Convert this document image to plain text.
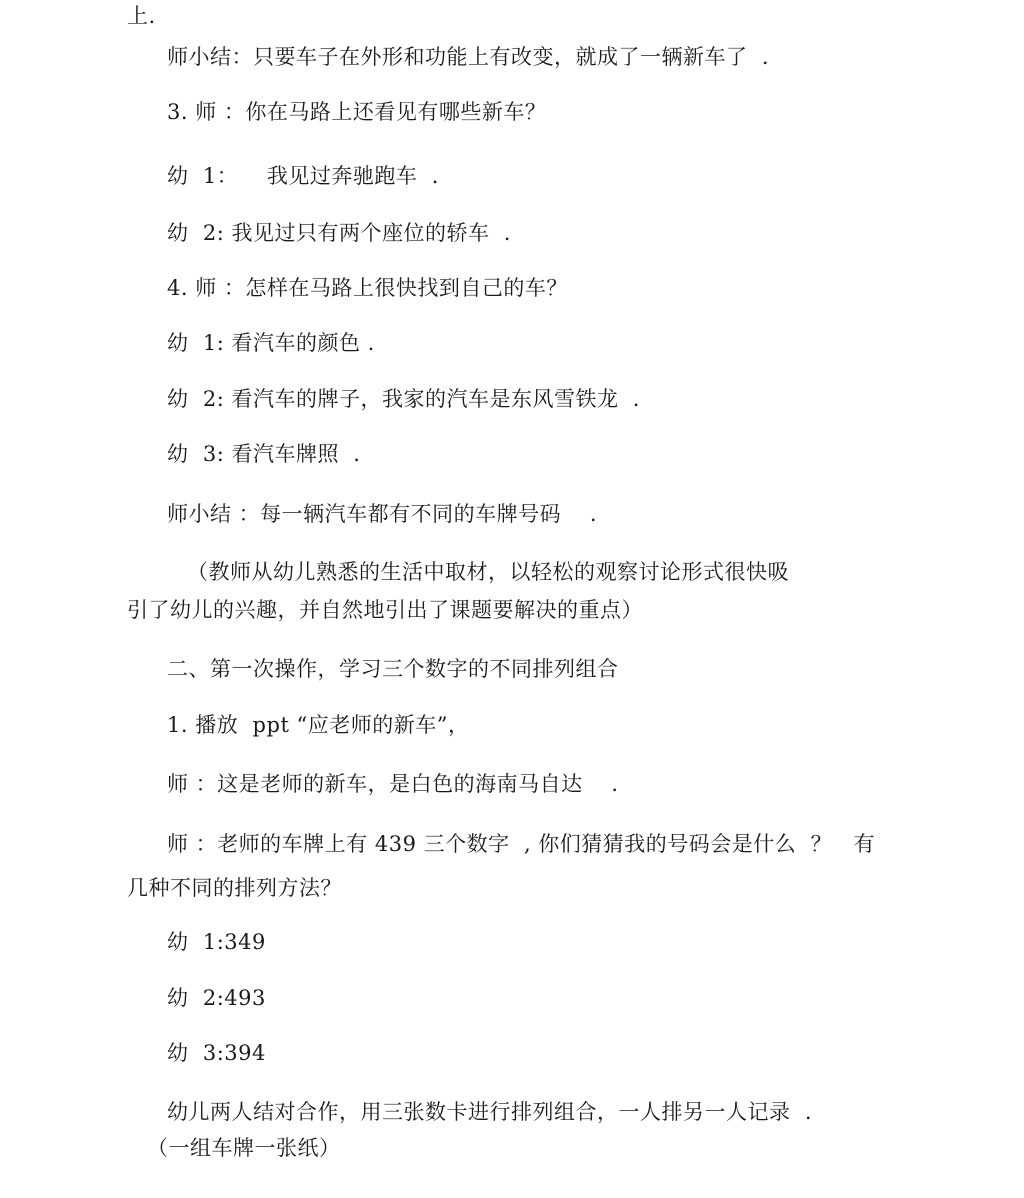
上.
师小结：只要车子在外形和功能上有改变，就成了一辆新车了  .
3. 师 ：你在马路上还看见有哪些新车？
幼  1：    我见过奔驰跑车  .
幼  2: 我见过只有两个座位的轿车  .
4. 师 ：怎样在马路上很快找到自己的车？
幼  1: 看汽车的颜色 .
幼  2: 看汽车的牌子，我家的汽车是东风雪铁龙  .
幼  3: 看汽车牌照  .
师小结 ：每一辆汽车都有不同的车牌号码    .
（教师从幼儿熟悉的生活中取材，以轻松的观察讨论形式很快吸
引了幼儿的兴趣，并自然地引出了课题要解决的重点）
二、第一次操作，学习三个数字的不同排列组合
1. 播放  ppt “应老师的新车”，
师 ：这是老师的新车，是白色的海南马自达    .
师 ：老师的车牌上有 439 三个数字  , 你们猜猜我的号码会是什么  ？   有
几种不同的排列方法？
幼  1:349
幼  2:493
幼  3:394
幼儿两人结对合作，用三张数卡进行排列组合，一人排另一人记录  .
（一组车牌一张纸）
